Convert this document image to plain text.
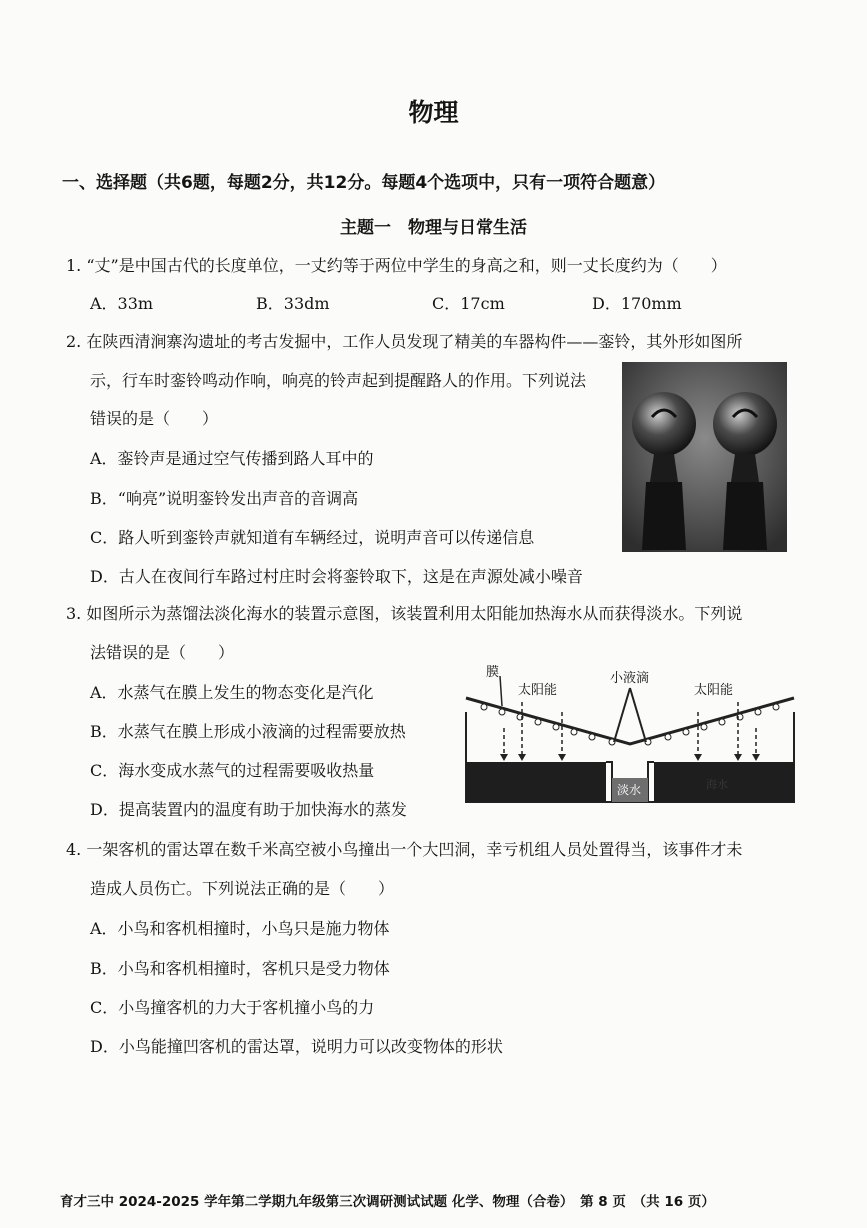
物理
一、选择题（共6题，每题2分，共12分。每题4个选项中，只有一项符合题意）
主题一　物理与日常生活
1. “丈”是中国古代的长度单位，一丈约等于两位中学生的身高之和，则一丈长度约为（　　）
A．33m	B．33dm	C．17cm	D．170mm
2. 在陕西清涧寨沟遗址的考古发掘中，工作人员发现了精美的车器构件——銮铃，其外形如图所
示，行车时銮铃鸣动作响，响亮的铃声起到提醒路人的作用。下列说法
错误的是（　　）
A．銮铃声是通过空气传播到路人耳中的
B．“响亮”说明銮铃发出声音的音调高
C．路人听到銮铃声就知道有车辆经过，说明声音可以传递信息
D．古人在夜间行车路过村庄时会将銮铃取下，这是在声源处减小噪音
3. 如图所示为蒸馏法淡化海水的装置示意图，该装置利用太阳能加热海水从而获得淡水。下列说
法错误的是（　　）
A．水蒸气在膜上发生的物态变化是汽化
B．水蒸气在膜上形成小液滴的过程需要放热
C．海水变成水蒸气的过程需要吸收热量
D．提高装置内的温度有助于加快海水的蒸发
膜
太阳能
小液滴
太阳能
淡水	海水
4. 一架客机的雷达罩在数千米高空被小鸟撞出一个大凹洞，幸亏机组人员处置得当，该事件才未
造成人员伤亡。下列说法正确的是（　　）
A．小鸟和客机相撞时，小鸟只是施力物体
B．小鸟和客机相撞时，客机只是受力物体
C．小鸟撞客机的力大于客机撞小鸟的力
D．小鸟能撞凹客机的雷达罩，说明力可以改变物体的形状
育才三中 2024-2025 学年第二学期九年级第三次调研测试试题 化学、物理（合卷）　第 8 页　（共 16 页）
